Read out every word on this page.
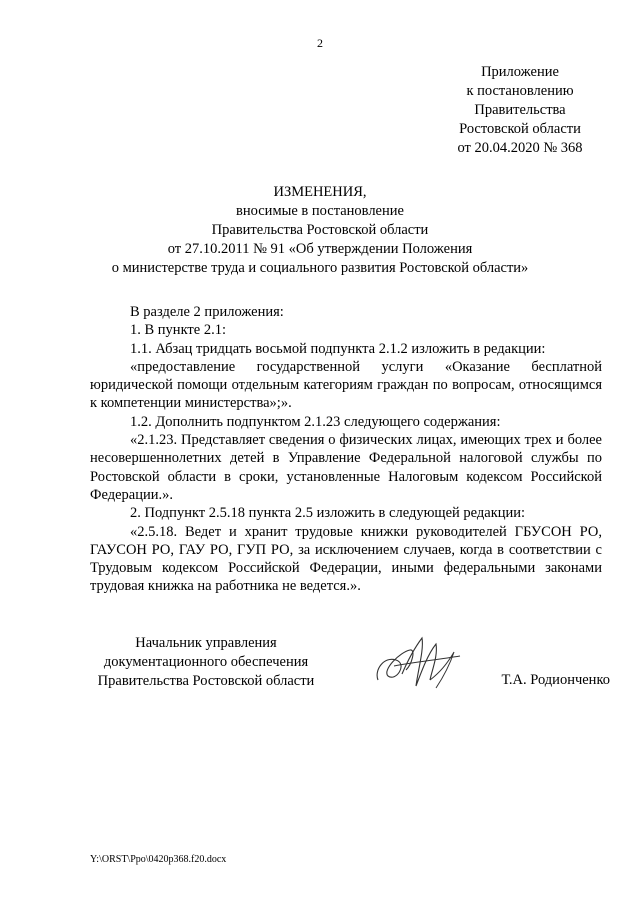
2
Приложение
к постановлению
Правительства
Ростовской области
от 20.04.2020 № 368
ИЗМЕНЕНИЯ,
вносимые в постановление
Правительства Ростовской области
от 27.10.2011 № 91 «Об утверждении Положения
о министерстве труда и социального развития Ростовской области»

В разделе 2 приложения:

1. В пункте 2.1:

1.1. Абзац тридцать восьмой подпункта 2.1.2 изложить в редакции:

«предоставление государственной услуги «Оказание бесплатной юридической помощи отдельным категориям граждан по вопросам, относящимся к компетенции министерства»;».

1.2. Дополнить подпунктом 2.1.23 следующего содержания:

«2.1.23. Представляет сведения о физических лицах, имеющих трех и более несовершеннолетних детей в Управление Федеральной налоговой службы по Ростовской области в сроки, установленные Налоговым кодексом Российской Федерации.».

2. Подпункт 2.5.18 пункта 2.5 изложить в следующей редакции:

«2.5.18. Ведет и хранит трудовые книжки руководителей ГБУСОН РО, ГАУСОН РО, ГАУ РО, ГУП РО, за исключением случаев, когда в соответствии с Трудовым кодексом Российской Федерации, иными федеральными законами трудовая книжка на работника не ведется.».

Начальник управления
документационного обеспечения
Правительства Ростовской области	Т.А. Родионченко
Y:\ORST\Ppo\0420p368.f20.docx
